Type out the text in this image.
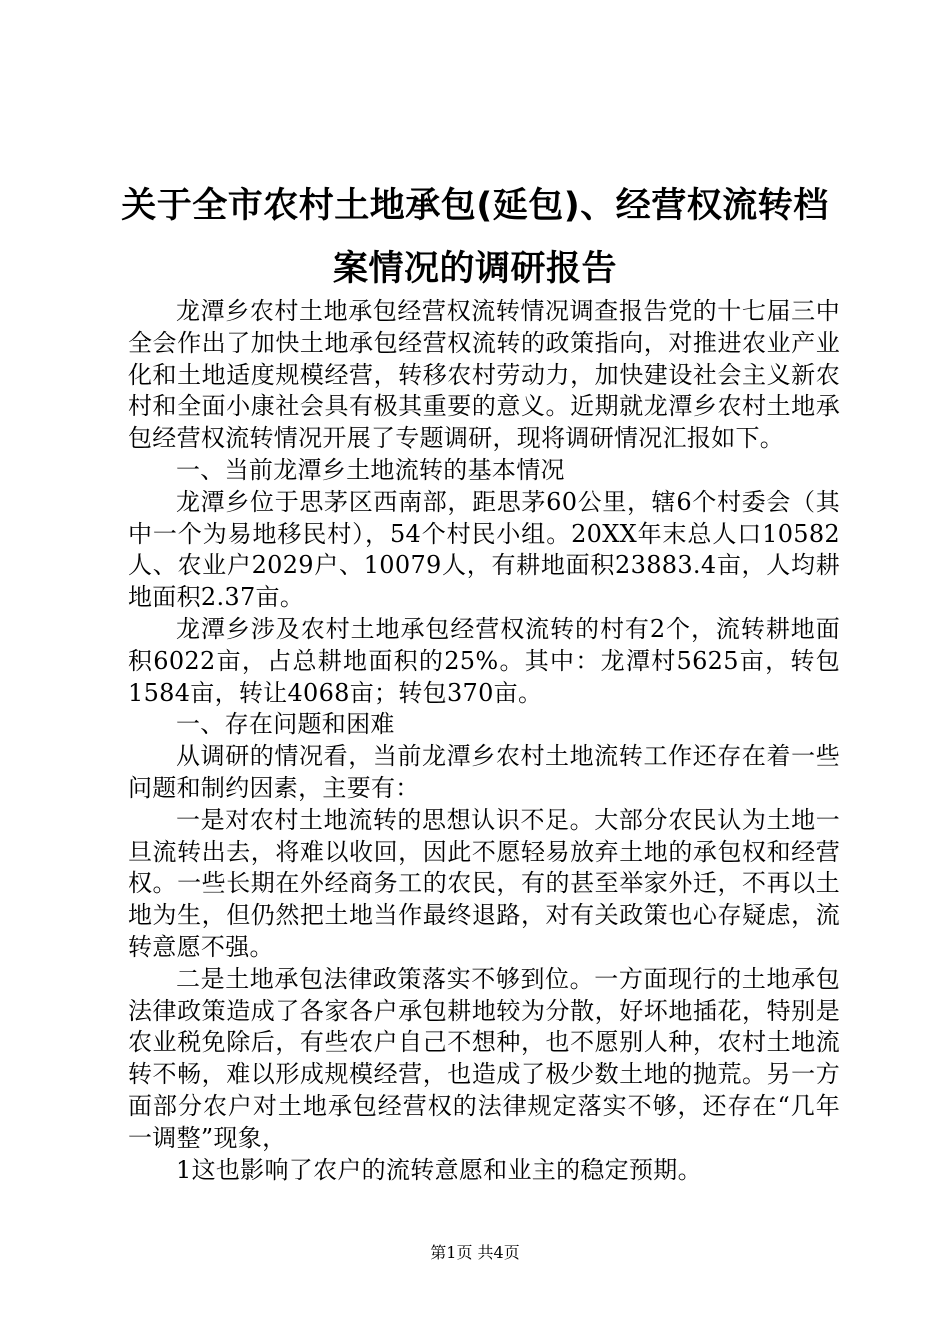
关于全市农村土地承包(延包)、经营权流转档
案情况的调研报告

龙潭乡农村土地承包经营权流转情况调查报告党的十七届三中全会作出了加快土地承包经营权流转的政策指向，对推进农业产业化和土地适度规模经营，转移农村劳动力，加快建设社会主义新农村和全面小康社会具有极其重要的意义。近期就龙潭乡农村土地承包经营权流转情况开展了专题调研，现将调研情况汇报如下。

一、当前龙潭乡土地流转的基本情况

龙潭乡位于思茅区西南部，距思茅60公里，辖6个村委会（其中一个为易地移民村），54个村民小组。20XX年末总人口10582人、农业户2029户、10079人，有耕地面积23883.4亩，人均耕地面积2.37亩。

龙潭乡涉及农村土地承包经营权流转的村有2个，流转耕地面积6022亩，占总耕地面积的25%。其中：龙潭村5625亩，转包1584亩，转让4068亩；转包370亩。

一、存在问题和困难

从调研的情况看，当前龙潭乡农村土地流转工作还存在着一些问题和制约因素，主要有：

一是对农村土地流转的思想认识不足。大部分农民认为土地一旦流转出去，将难以收回，因此不愿轻易放弃土地的承包权和经营权。一些长期在外经商务工的农民，有的甚至举家外迁，不再以土地为生，但仍然把土地当作最终退路，对有关政策也心存疑虑，流转意愿不强。

二是土地承包法律政策落实不够到位。一方面现行的土地承包法律政策造成了各家各户承包耕地较为分散，好坏地插花，特别是农业税免除后，有些农户自己不想种，也不愿别人种，农村土地流转不畅，难以形成规模经营，也造成了极少数土地的抛荒。另一方面部分农户对土地承包经营权的法律规定落实不够，还存在“几年一调整”现象，

1这也影响了农户的流转意愿和业主的稳定预期。

第1页 共4页
